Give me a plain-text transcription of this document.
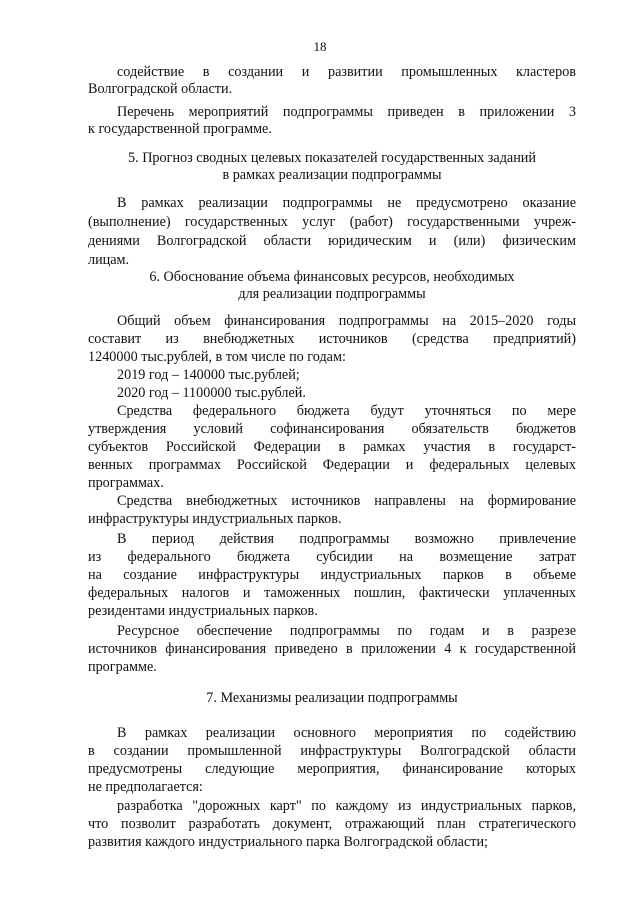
18
содействие в создании и развитии промышленных кластеров
Волгоградской области.
Перечень мероприятий подпрограммы приведен в приложении 3
к государственной программе.
5. Прогноз сводных целевых показателей государственных заданий
в рамках реализации подпрограммы
В рамках реализации подпрограммы не предусмотрено оказание
(выполнение) государственных услуг (работ) государственными учреж-
дениями Волгоградской области юридическим и (или) физическим
лицам.
6. Обоснование объема финансовых ресурсов, необходимых
для реализации подпрограммы
Общий объем финансирования подпрограммы на 2015–2020 годы
составит из внебюджетных источников (средства предприятий)
1240000 тыс.рублей, в том числе по годам:
2019 год – 140000 тыс.рублей;
2020 год – 1100000 тыс.рублей.
Средства федерального бюджета будут уточняться по мере
утверждения условий софинансирования обязательств бюджетов
субъектов Российской Федерации в рамках участия в государст-
венных программах Российской Федерации и федеральных целевых
программах.
Средства внебюджетных источников направлены на формирование
инфраструктуры индустриальных парков.
В период действия подпрограммы возможно привлечение
из федерального бюджета субсидии на возмещение затрат
на создание инфраструктуры индустриальных парков в объеме
федеральных налогов и таможенных пошлин, фактически уплаченных
резидентами индустриальных парков.
Ресурсное обеспечение подпрограммы по годам и в разрезе
источников финансирования приведено в приложении 4 к государственной
программе.
7. Механизмы реализации подпрограммы
В рамках реализации основного мероприятия по содействию
в создании промышленной инфраструктуры Волгоградской области
предусмотрены следующие мероприятия, финансирование которых
не предполагается:
разработка "дорожных карт" по каждому из индустриальных парков,
что позволит разработать документ, отражающий план стратегического
развития каждого индустриального парка Волгоградской области;
